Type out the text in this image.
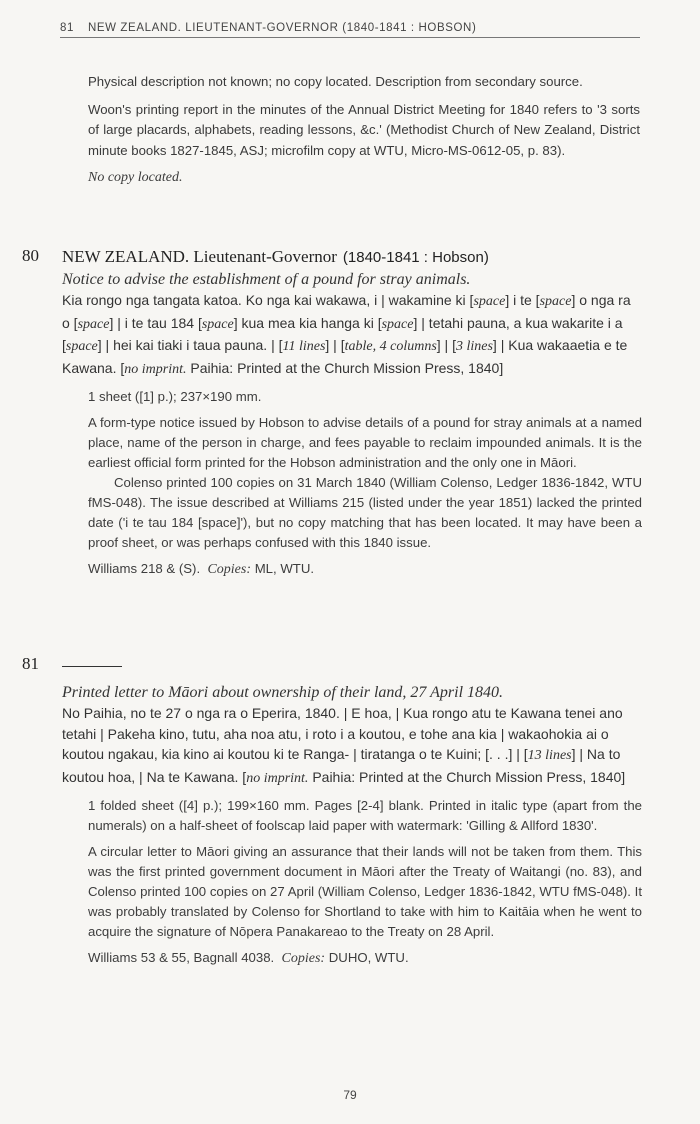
81 NEW ZEALAND. LIEUTENANT-GOVERNOR (1840-1841 : HOBSON)

Physical description not known; no copy located. Description from secondary source.

Woon's printing report in the minutes of the Annual District Meeting for 1840 refers to '3 sorts of large placards, alphabets, reading lessons, &c.' (Methodist Church of New Zealand, District minute books 1827-1845, ASJ; microfilm copy at WTU, Micro-MS-0612-05, p. 83).

No copy located.

80 NEW ZEALAND. Lieutenant-Governor (1840-1841 : Hobson)
Notice to advise the establishment of a pound for stray animals.
Kia rongo nga tangata katoa. Ko nga kai wakawa, i | wakamine ki [space] i te [space] o nga ra o [space] | i te tau 184 [space] kua mea kia hanga ki [space] | tetahi pauna, a kua wakarite i a [space] | hei kai tiaki i taua pauna. | [11 lines] | [table, 4 columns] | [3 lines] | Kua wakaaetia e te Kawana. [no imprint. Paihia: Printed at the Church Mission Press, 1840]

1 sheet ([1] p.); 237×190 mm.

A form-type notice issued by Hobson to advise details of a pound for stray animals at a named place, name of the person in charge, and fees payable to reclaim impounded animals. It is the earliest official form printed for the Hobson administration and the only one in Māori.

Colenso printed 100 copies on 31 March 1840 (William Colenso, Ledger 1836-1842, WTU fMS-048). The issue described at Williams 215 (listed under the year 1851) lacked the printed date ('i te tau 184 [space]'), but no copy matching that has been located. It may have been a proof sheet, or was perhaps confused with this 1840 issue.

Williams 218 & (S). Copies: ML, WTU.

81
Printed letter to Māori about ownership of their land, 27 April 1840.
No Paihia, no te 27 o nga ra o Eperira, 1840. | E hoa, | Kua rongo atu te Kawana tenei ano tetahi | Pakeha kino, tutu, aha noa atu, i roto i a koutou, e tohe ana kia | wakaohokia ai o koutou ngakau, kia kino ai koutou ki te Ranga- | tiratanga o te Kuini; [. . .] | [13 lines] | Na to koutou hoa, | Na te Kawana. [no imprint. Paihia: Printed at the Church Mission Press, 1840]

1 folded sheet ([4] p.); 199×160 mm. Pages [2-4] blank. Printed in italic type (apart from the numerals) on a half-sheet of foolscap laid paper with watermark: 'Gilling & Allford 1830'.

A circular letter to Māori giving an assurance that their lands will not be taken from them. This was the first printed government document in Māori after the Treaty of Waitangi (no. 83), and Colenso printed 100 copies on 27 April (William Colenso, Ledger 1836-1842, WTU fMS-048). It was probably translated by Colenso for Shortland to take with him to Kaitāia when he went to acquire the signature of Nōpera Panakareao to the Treaty on 28 April.

Williams 53 & 55, Bagnall 4038. Copies: DUHO, WTU.

79
